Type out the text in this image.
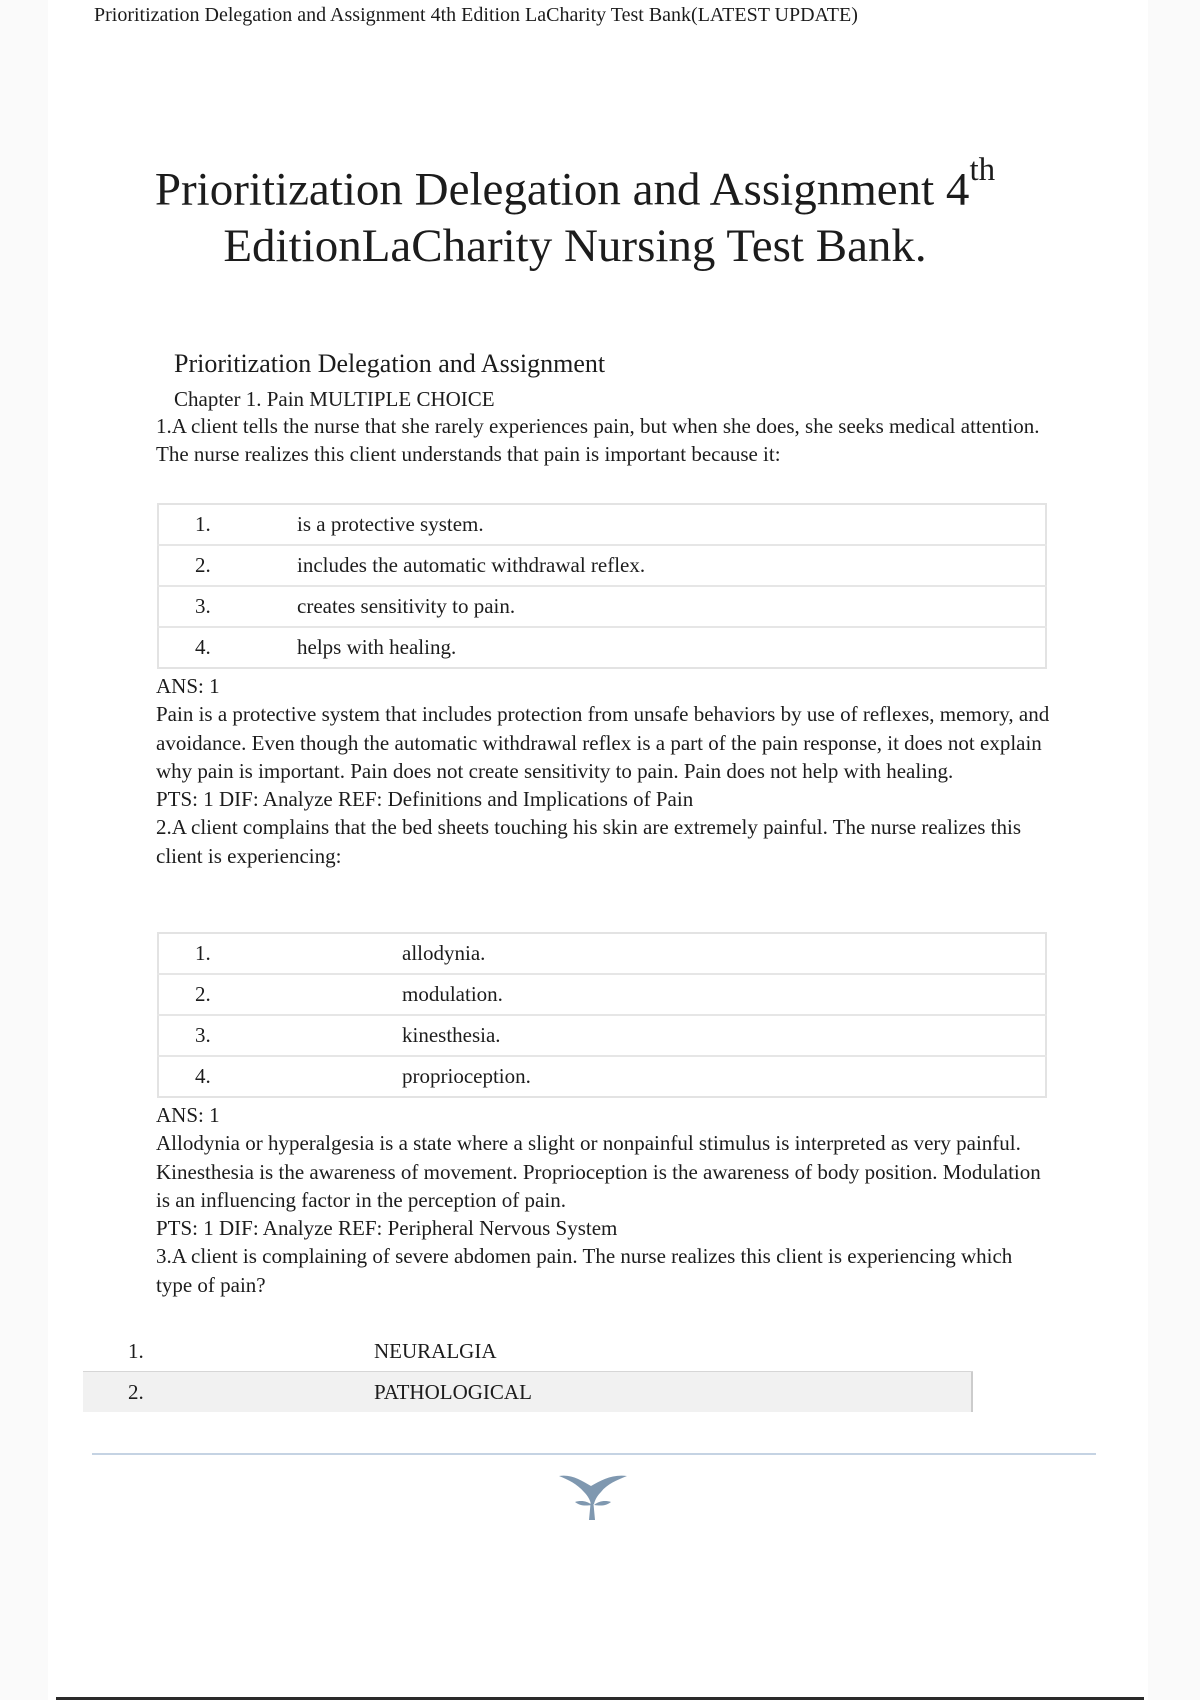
Prioritization Delegation and Assignment 4th Edition LaCharity Test Bank(LATEST UPDATE)
Prioritization Delegation and Assignment 4th
EditionLaCharity Nursing Test Bank.
Prioritization Delegation and Assignment
Chapter 1. Pain MULTIPLE CHOICE
1.A client tells the nurse that she rarely experiences pain, but when she does, she seeks medical attention. The nurse realizes this client understands that pain is important because it:
1.	is a protective system.
2.	includes the automatic withdrawal reflex.
3.	creates sensitivity to pain.
4.	helps with healing.
ANS: 1
Pain is a protective system that includes protection from unsafe behaviors by use of reflexes, memory, and avoidance. Even though the automatic withdrawal reflex is a part of the pain response, it does not explain why pain is important. Pain does not create sensitivity to pain. Pain does not help with healing.
PTS: 1 DIF: Analyze REF: Definitions and Implications of Pain
2.A client complains that the bed sheets touching his skin are extremely painful. The nurse realizes this client is experiencing:
1.	allodynia.
2.	modulation.
3.	kinesthesia.
4.	proprioception.
ANS: 1
Allodynia or hyperalgesia is a state where a slight or nonpainful stimulus is interpreted as very painful. Kinesthesia is the awareness of movement. Proprioception is the awareness of body position. Modulation is an influencing factor in the perception of pain.
PTS: 1 DIF: Analyze REF: Peripheral Nervous System
3.A client is complaining of severe abdomen pain. The nurse realizes this client is experiencing which type of pain?
1.	NEURALGIA
2.	PATHOLOGICAL
